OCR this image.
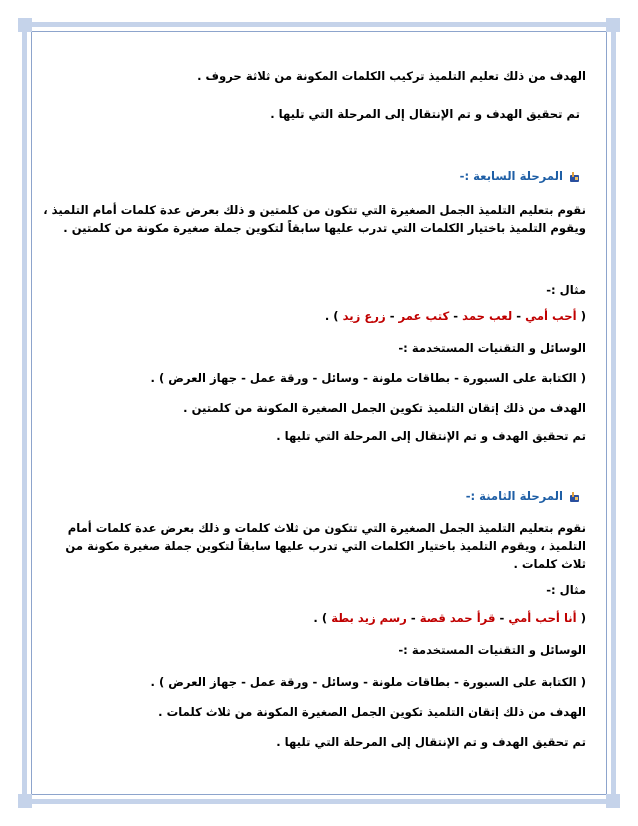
الهدف من ذلك تعليم التلميذ تركيب الكلمات المكونة من ثلاثة حروف .
تم تحقيق الهدف و تم الإنتقال إلى المرحلة التي تليها .
المرحلة السابعة :-
نقوم بتعليم التلميذ الجمل الصغيرة التي تتكون من كلمتين و ذلك بعرض عدة كلمات أمام التلميذ ،
ويقوم التلميذ باختيار الكلمات التي تدرب عليها سابقاً لتكوين جملة صغيرة مكونة من كلمتين .
مثال :-
( أحب أمي - لعب حمد - كتب عمر - زرع زيد ) .
الوسائل و التقنيات المستخدمة :-
( الكتابة على السبورة - بطاقات ملونة - وسائل - ورقة عمل - جهاز العرض ) .
الهدف من ذلك إتقان التلميذ تكوين الجمل الصغيرة المكونة من كلمتين .
تم تحقيق الهدف و تم الإنتقال إلى المرحلة التي تليها .
المرحلة الثامنة :-
نقوم بتعليم التلميذ الجمل الصغيرة التي تتكون من ثلاث كلمات و ذلك بعرض عدة كلمات أمام
التلميذ ، ويقوم التلميذ باختيار الكلمات التي تدرب عليها سابقاً لتكوين جملة صغيرة مكونة من
ثلاث كلمات .
مثال :-
( أنا أحب أمي - قرأ حمد قصة - رسم زيد بطة ) .
الوسائل و التقنيات المستخدمة :-
( الكتابة على السبورة - بطاقات ملونة - وسائل - ورقة عمل - جهاز العرض ) .
الهدف من ذلك إتقان التلميذ تكوين الجمل الصغيرة المكونة من ثلاث كلمات .
تم تحقيق الهدف و تم الإنتقال إلى المرحلة التي تليها .
